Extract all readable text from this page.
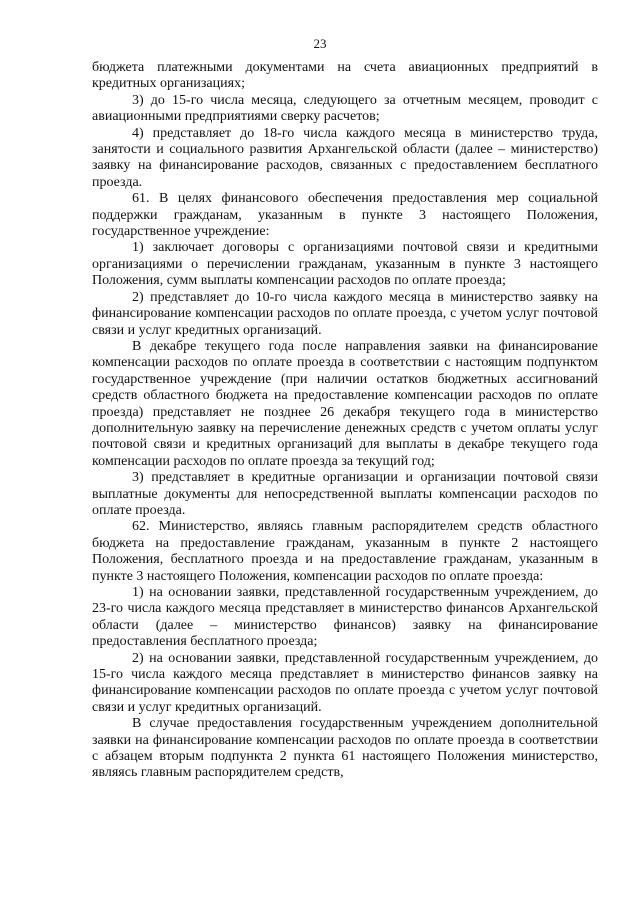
23

бюджета платежными документами на счета авиационных предприятий в кредитных организациях;

3) до 15-го числа месяца, следующего за отчетным месяцем, проводит с авиационными предприятиями сверку расчетов;

4) представляет до 18-го числа каждого месяца в министерство труда, занятости и социального развития Архангельской области (далее – министерство) заявку на финансирование расходов, связанных с предоставлением бесплатного проезда.

61. В целях финансового обеспечения предоставления мер социальной поддержки гражданам, указанным в пункте 3 настоящего Положения, государственное учреждение:

1) заключает договоры с организациями почтовой связи и кредитными организациями о перечислении гражданам, указанным в пункте 3 настоящего Положения, сумм выплаты компенсации расходов по оплате проезда;

2) представляет до 10-го числа каждого месяца в министерство заявку на финансирование компенсации расходов по оплате проезда, с учетом услуг почтовой связи и услуг кредитных организаций.

В декабре текущего года после направления заявки на финансирование компенсации расходов по оплате проезда в соответствии с настоящим подпунктом государственное учреждение (при наличии остатков бюджетных ассигнований средств областного бюджета на предоставление компенсации расходов по оплате проезда) представляет не позднее 26 декабря текущего года в министерство дополнительную заявку на перечисление денежных средств с учетом оплаты услуг почтовой связи и кредитных организаций для выплаты в декабре текущего года компенсации расходов по оплате проезда за текущий год;

3) представляет в кредитные организации и организации почтовой связи выплатные документы для непосредственной выплаты компенсации расходов по оплате проезда.

62. Министерство, являясь главным распорядителем средств областного бюджета на предоставление гражданам, указанным в пункте 2 настоящего Положения, бесплатного проезда и на предоставление гражданам, указанным в пункте 3 настоящего Положения, компенсации расходов по оплате проезда:

1) на основании заявки, представленной государственным учреждением, до 23-го числа каждого месяца представляет в министерство финансов Архангельской области (далее – министерство финансов) заявку на финансирование предоставления бесплатного проезда;

2) на основании заявки, представленной государственным учреждением, до 15-го числа каждого месяца представляет в министерство финансов заявку на финансирование компенсации расходов по оплате проезда с учетом услуг почтовой связи и услуг кредитных организаций.

В случае предоставления государственным учреждением дополнительной заявки на финансирование компенсации расходов по оплате проезда в соответствии с абзацем вторым подпункта 2 пункта 61 настоящего Положения министерство, являясь главным распорядителем средств,
